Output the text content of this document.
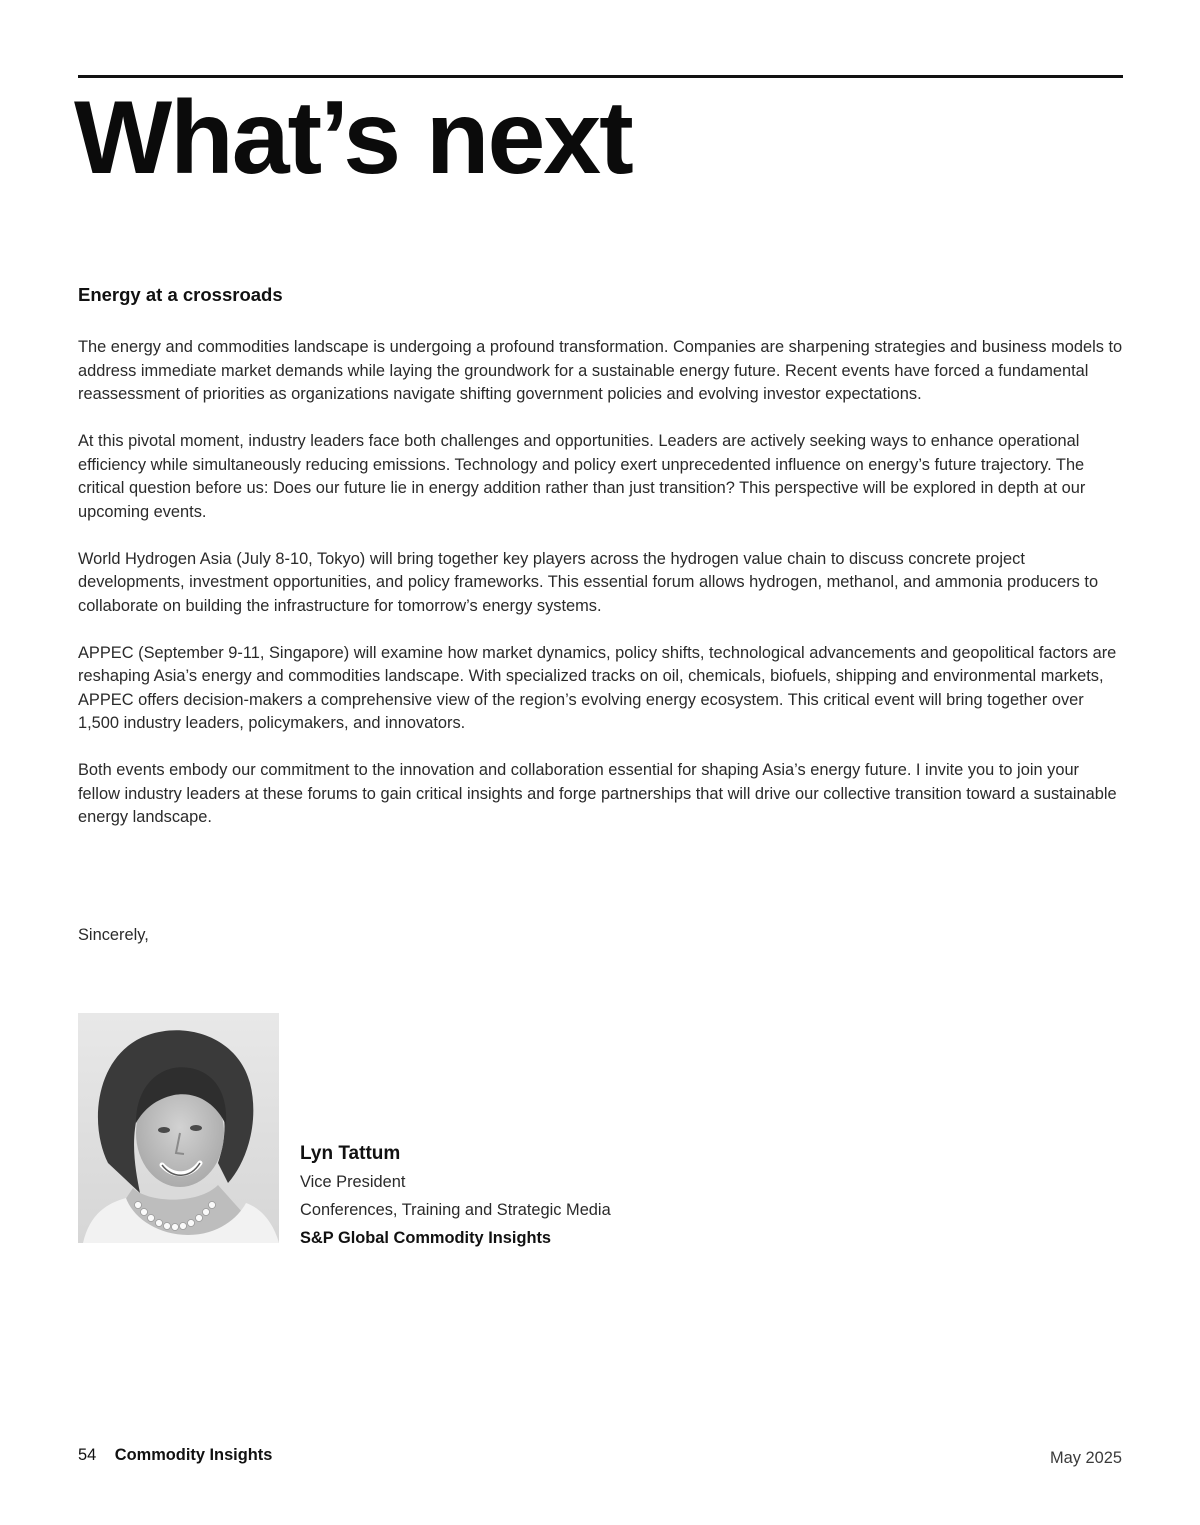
What’s next
Energy at a crossroads

The energy and commodities landscape is undergoing a profound transformation. Companies are sharpening strategies and business models to address immediate market demands while laying the groundwork for a sustainable energy future. Recent events have forced a fundamental reassessment of priorities as organizations navigate shifting government policies and evolving investor expectations.

At this pivotal moment, industry leaders face both challenges and opportunities. Leaders are actively seeking ways to enhance operational efficiency while simultaneously reducing emissions. Technology and policy exert unprecedented influence on energy’s future trajectory. The critical question before us: Does our future lie in energy addition rather than just transition? This perspective will be explored in depth at our upcoming events.

World Hydrogen Asia (July 8-10, Tokyo) will bring together key players across the hydrogen value chain to discuss concrete project developments, investment opportunities, and policy frameworks. This essential forum allows hydrogen, methanol, and ammonia producers to collaborate on building the infrastructure for tomorrow’s energy systems.

APPEC (September 9-11, Singapore) will examine how market dynamics, policy shifts, technological advancements and geopolitical factors are reshaping Asia’s energy and commodities landscape. With specialized tracks on oil, chemicals, biofuels, shipping and environmental markets, APPEC offers decision-makers a comprehensive view of the region’s evolving energy ecosystem. This critical event will bring together over 1,500 industry leaders, policymakers, and innovators.

Both events embody our commitment to the innovation and collaboration essential for shaping Asia’s energy future. I invite you to join your fellow industry leaders at these forums to gain critical insights and forge partnerships that will drive our collective transition toward a sustainable energy landscape.

Sincerely,

Lyn Tattum
Vice President
Conferences, Training and Strategic Media
S&P Global Commodity Insights
54 Commodity Insights	May 2025
